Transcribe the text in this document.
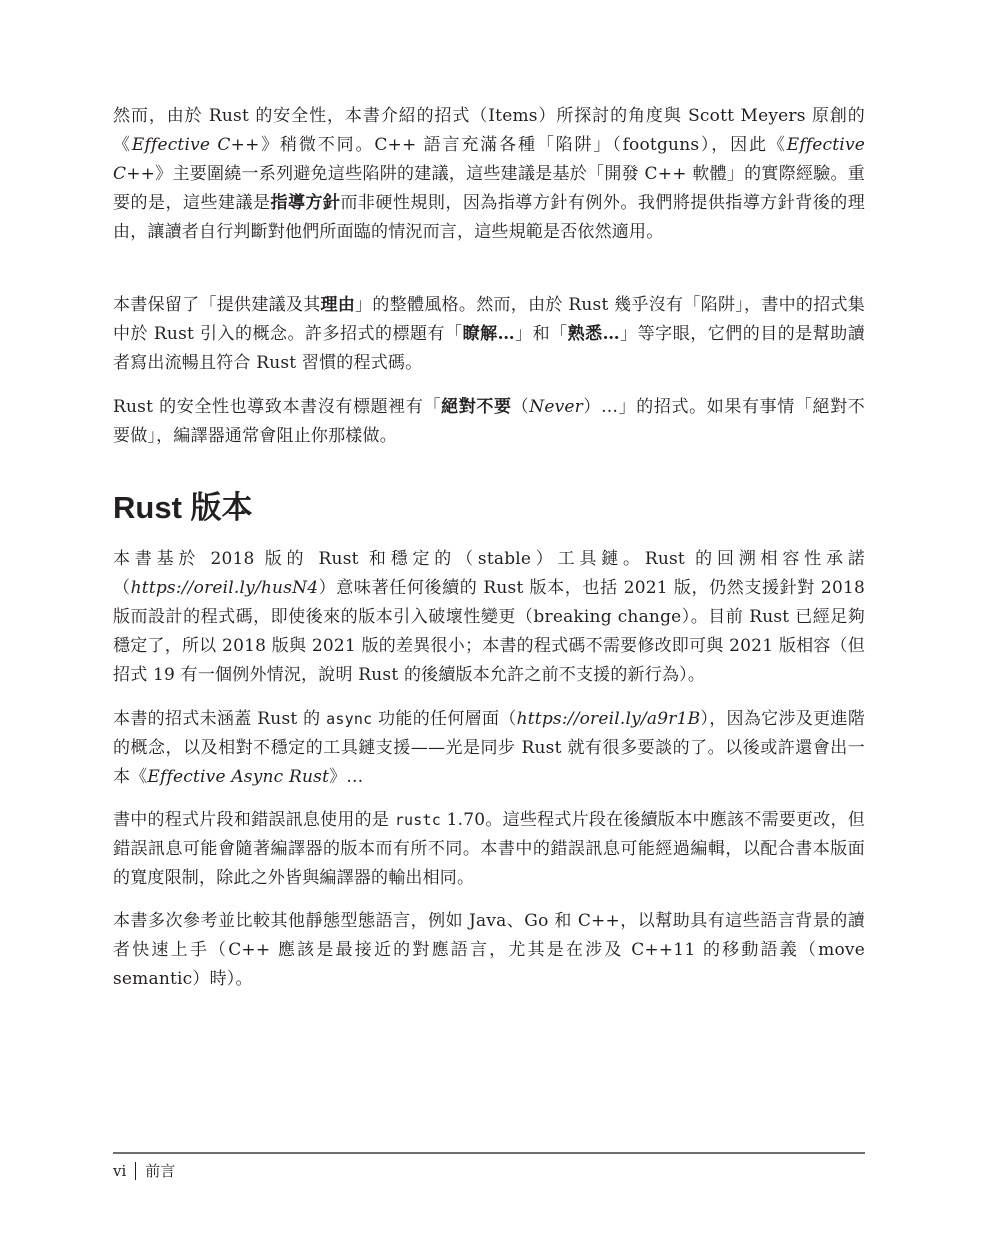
然而，由於 Rust 的安全性，本書介紹的招式（Items）所探討的角度與 Scott Meyers 原創的《Effective C++》稍微不同。C++ 語言充滿各種「陷阱」（footguns），因此《Effective C++》主要圍繞一系列避免這些陷阱的建議，這些建議是基於「開發 C++ 軟體」的實際經驗。重要的是，這些建議是指導方針而非硬性規則，因為指導方針有例外。我們將提供指導方針背後的理由，讓讀者自行判斷對他們所面臨的情況而言，這些規範是否依然適用。

本書保留了「提供建議及其理由」的整體風格。然而，由於 Rust 幾乎沒有「陷阱」，書中的招式集中於 Rust 引入的概念。許多招式的標題有「瞭解…」和「熟悉…」等字眼，它們的目的是幫助讀者寫出流暢且符合 Rust 習慣的程式碼。

Rust 的安全性也導致本書沒有標題裡有「絕對不要（Never）…」的招式。如果有事情「絕對不要做」，編譯器通常會阻止你那樣做。

Rust 版本

本書基於 2018 版的 Rust 和穩定的（stable）工具鏈。Rust 的回溯相容性承諾（https://oreil.ly/husN4）意味著任何後續的 Rust 版本，也括 2021 版，仍然支援針對 2018 版而設計的程式碼，即使後來的版本引入破壞性變更（breaking change）。目前 Rust 已經足夠穩定了，所以 2018 版與 2021 版的差異很小；本書的程式碼不需要修改即可與 2021 版相容（但招式 19 有一個例外情況，說明 Rust 的後續版本允許之前不支援的新行為）。

本書的招式未涵蓋 Rust 的 async 功能的任何層面（https://oreil.ly/a9r1B），因為它涉及更進階的概念，以及相對不穩定的工具鏈支援——光是同步 Rust 就有很多要談的了。以後或許還會出一本《Effective Async Rust》…

書中的程式片段和錯誤訊息使用的是 rustc 1.70。這些程式片段在後續版本中應該不需要更改，但錯誤訊息可能會隨著編譯器的版本而有所不同。本書中的錯誤訊息可能經過編輯，以配合書本版面的寬度限制，除此之外皆與編譯器的輸出相同。

本書多次參考並比較其他靜態型態語言，例如 Java、Go 和 C++，以幫助具有這些語言背景的讀者快速上手（C++ 應該是最接近的對應語言，尤其是在涉及 C++11 的移動語義（move semantic）時）。

vi 前言
